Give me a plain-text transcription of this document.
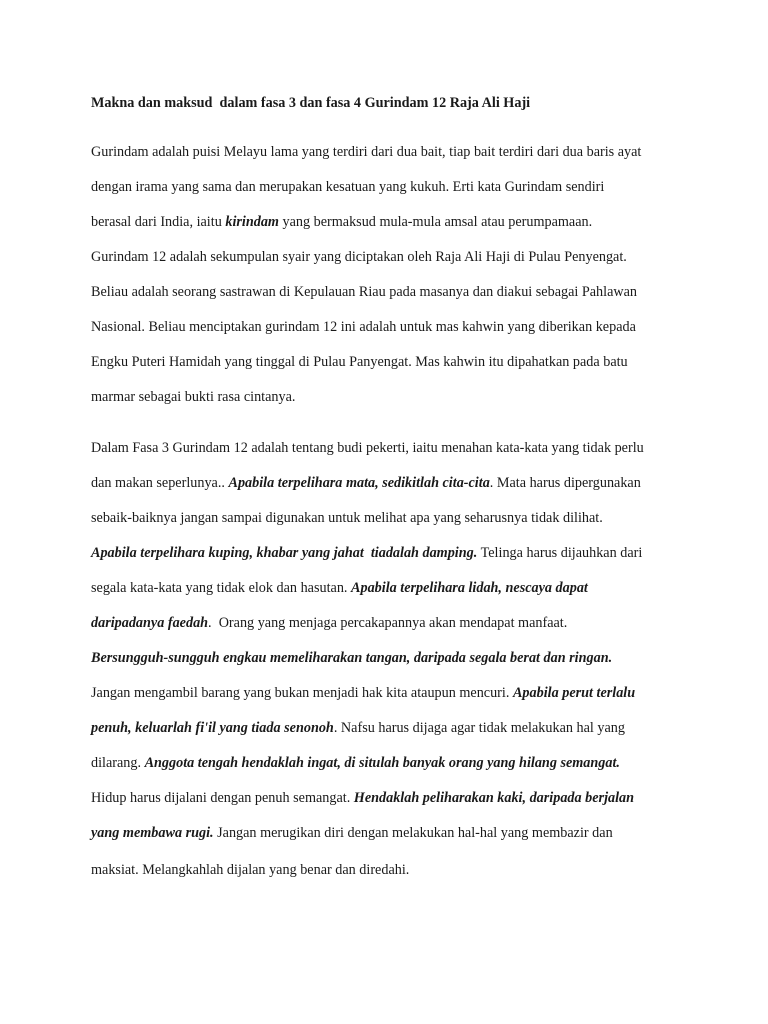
Makna dan maksud  dalam fasa 3 dan fasa 4 Gurindam 12 Raja Ali Haji

Gurindam adalah puisi Melayu lama yang terdiri dari dua bait, tiap bait terdiri dari dua baris ayat

dengan irama yang sama dan merupakan kesatuan yang kukuh. Erti kata Gurindam sendiri

berasal dari India, iaitu kirindam yang bermaksud mula-mula amsal atau perumpamaan.

Gurindam 12 adalah sekumpulan syair yang diciptakan oleh Raja Ali Haji di Pulau Penyengat.

Beliau adalah seorang sastrawan di Kepulauan Riau pada masanya dan diakui sebagai Pahlawan

Nasional. Beliau menciptakan gurindam 12 ini adalah untuk mas kahwin yang diberikan kepada

Engku Puteri Hamidah yang tinggal di Pulau Panyengat. Mas kahwin itu dipahatkan pada batu

marmar sebagai bukti rasa cintanya.

Dalam Fasa 3 Gurindam 12 adalah tentang budi pekerti, iaitu menahan kata-kata yang tidak perlu

dan makan seperlunya.. Apabila terpelihara mata, sedikitlah cita-cita. Mata harus dipergunakan

sebaik-baiknya jangan sampai digunakan untuk melihat apa yang seharusnya tidak dilihat.

Apabila terpelihara kuping, khabar yang jahat  tiadalah damping. Telinga harus dijauhkan dari

segala kata-kata yang tidak elok dan hasutan. Apabila terpelihara lidah, nescaya dapat

daripadanya faedah.  Orang yang menjaga percakapannya akan mendapat manfaat.

Bersungguh-sungguh engkau memeliharakan tangan, daripada segala berat dan ringan.

Jangan mengambil barang yang bukan menjadi hak kita ataupun mencuri. Apabila perut terlalu

penuh, keluarlah fi'il yang tiada senonoh. Nafsu harus dijaga agar tidak melakukan hal yang

dilarang. Anggota tengah hendaklah ingat, di situlah banyak orang yang hilang semangat.

Hidup harus dijalani dengan penuh semangat. Hendaklah peliharakan kaki, daripada berjalan

yang membawa rugi. Jangan merugikan diri dengan melakukan hal-hal yang membazir dan

maksiat. Melangkahlah dijalan yang benar dan diredahi.
